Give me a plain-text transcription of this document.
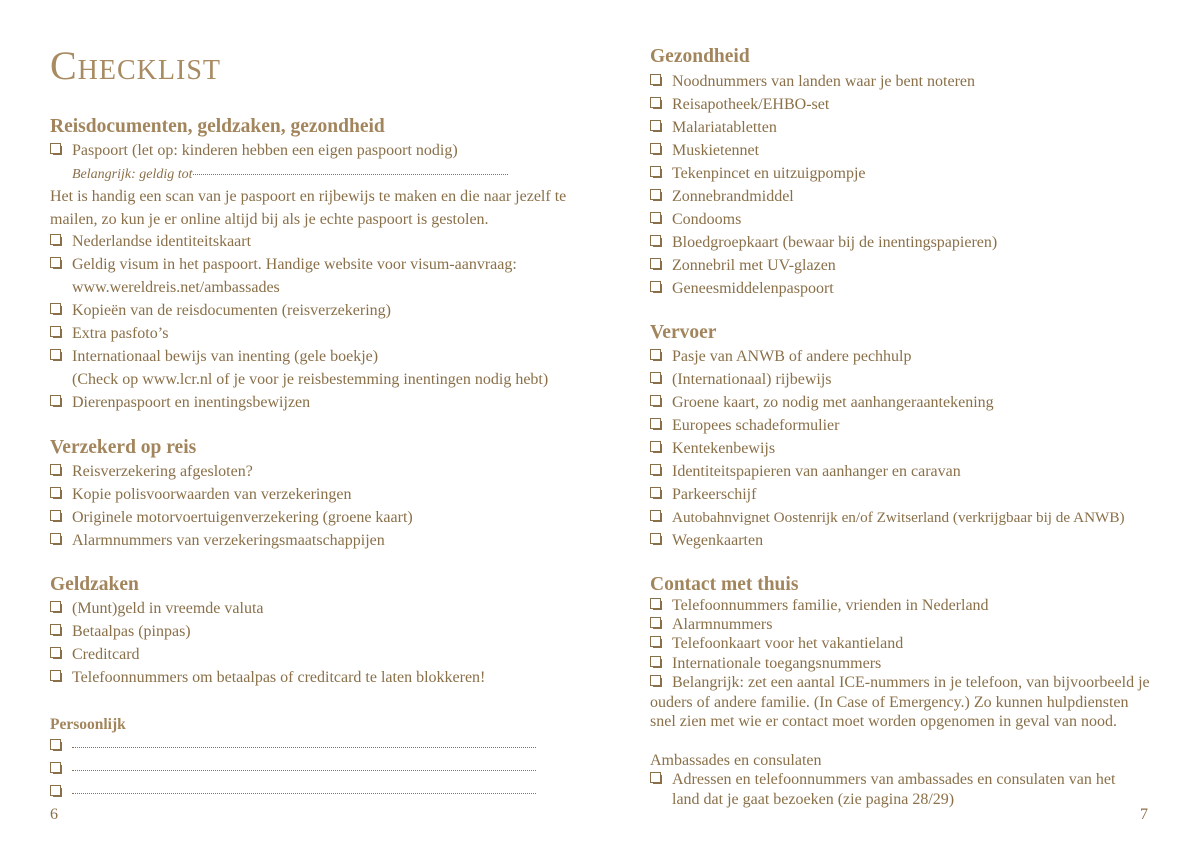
Checklist
Reisdocumenten, geldzaken, gezondheid
Paspoort (let op: kinderen hebben een eigen paspoort nodig)
Belangrijk: geldig tot
Het is handig een scan van je paspoort en rijbewijs te maken en die naar jezelf te mailen, zo kun je er online altijd bij als je echte paspoort is gestolen.
Nederlandse identiteitskaart
Geldig visum in het paspoort. Handige website voor visum-aanvraag:
www.wereldreis.net/ambassades
Kopieën van de reisdocumenten (reisverzekering)
Extra pasfoto’s
Internationaal bewijs van inenting (gele boekje)
(Check op www.lcr.nl of je voor je reisbestemming inentingen nodig hebt)
Dierenpaspoort en inentingsbewijzen
Verzekerd op reis
Reisverzekering afgesloten?
Kopie polisvoorwaarden van verzekeringen
Originele motorvoertuigenverzekering (groene kaart)
Alarmnummers van verzekeringsmaatschappijen
Geldzaken
(Munt)geld in vreemde valuta
Betaalpas (pinpas)
Creditcard
Telefoonnummers om betaalpas of creditcard te laten blokkeren!
Persoonlijk
6
Gezondheid
Noodnummers van landen waar je bent noteren
Reisapotheek/EHBO-set
Malariatabletten
Muskietennet
Tekenpincet en uitzuigpompje
Zonnebrandmiddel
Condooms
Bloedgroepkaart (bewaar bij de inentingspapieren)
Zonnebril met UV-glazen
Geneesmiddelenpaspoort
Vervoer
Pasje van ANWB of andere pechhulp
(Internationaal) rijbewijs
Groene kaart, zo nodig met aanhangeraantekening
Europees schadeformulier
Kentekenbewijs
Identiteitspapieren van aanhanger en caravan
Parkeerschijf
Autobahnvignet Oostenrijk en/of Zwitserland (verkrijgbaar bij de ANWB)
Wegenkaarten
Contact met thuis
Telefoonnummers familie, vrienden in Nederland
Alarmnummers
Telefoonkaart voor het vakantieland
Internationale toegangsnummers
Belangrijk: zet een aantal ICE-nummers in je telefoon, van bijvoorbeeld je
ouders of andere familie. (In Case of Emergency.) Zo kunnen hulpdiensten
snel zien met wie er contact moet worden opgenomen in geval van nood.
Ambassades en consulaten
Adressen en telefoonnummers van ambassades en consulaten van het
land dat je gaat bezoeken (zie pagina 28/29)
7
